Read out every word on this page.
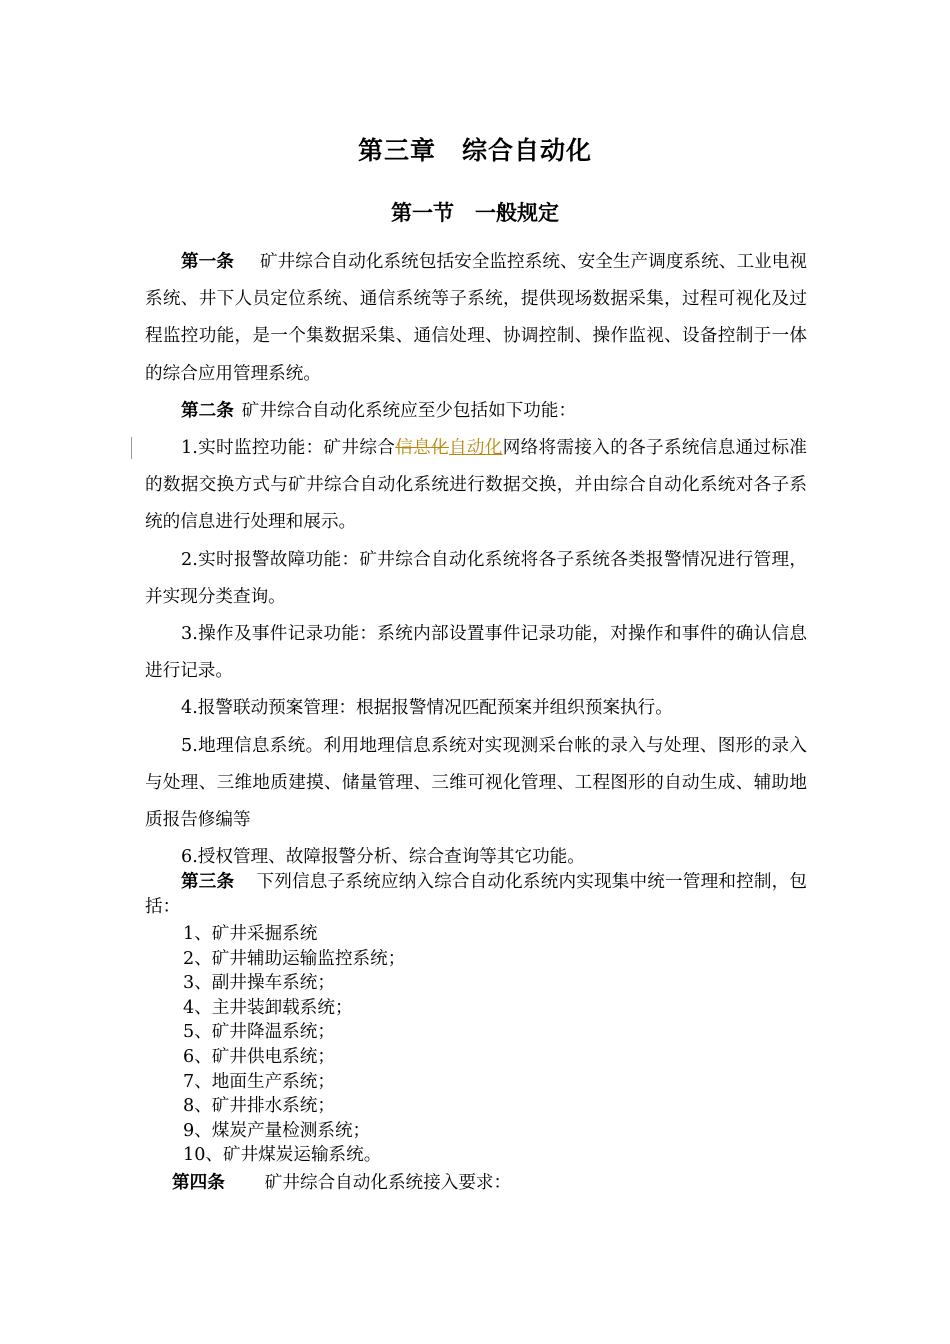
第三章　综合自动化
第一节　一般规定

第一条 矿井综合自动化系统包括安全监控系统、安全生产调度系统、工业电视系统、井下人员定位系统、通信系统等子系统，提供现场数据采集，过程可视化及过程监控功能，是一个集数据采集、通信处理、协调控制、操作监视、设备控制于一体的综合应用管理系统。

第二条 矿井综合自动化系统应至少包括如下功能：

1.实时监控功能：矿井综合信息化自动化网络将需接入的各子系统信息通过标准的数据交换方式与矿井综合自动化系统进行数据交换，并由综合自动化系统对各子系统的信息进行处理和展示。

2.实时报警故障功能：矿井综合自动化系统将各子系统各类报警情况进行管理，并实现分类查询。

3.操作及事件记录功能：系统内部设置事件记录功能，对操作和事件的确认信息进行记录。

4.报警联动预案管理：根据报警情况匹配预案并组织预案执行。

5.地理信息系统。利用地理信息系统对实现测采台帐的录入与处理、图形的录入与处理、三维地质建摸、储量管理、三维可视化管理、工程图形的自动生成、辅助地质报告修编等

6.授权管理、故障报警分析、综合查询等其它功能。

第三条 下列信息子系统应纳入综合自动化系统内实现集中统一管理和控制，包括：

1、矿井采掘系统
2、矿井辅助运输监控系统；
3、副井操车系统；
4、主井装卸载系统；
5、矿井降温系统；
6、矿井供电系统；
7、地面生产系统；
8、矿井排水系统；
9、煤炭产量检测系统；
10、矿井煤炭运输系统。

第四条 矿井综合自动化系统接入要求：
